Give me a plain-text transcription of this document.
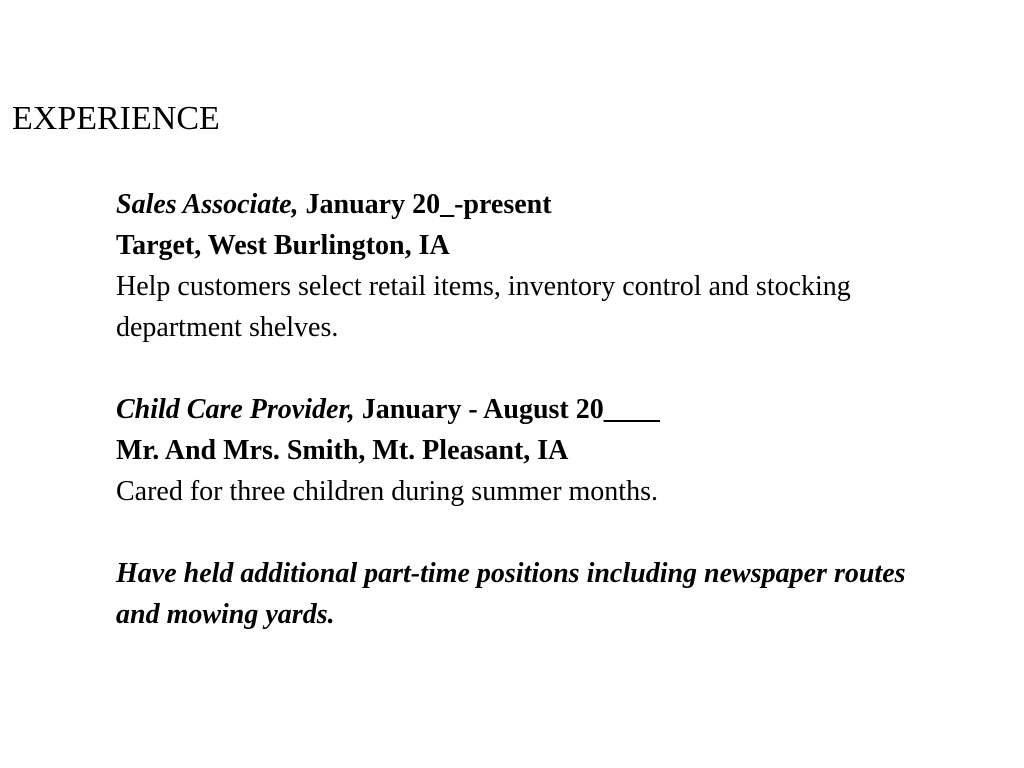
EXPERIENCE
Sales Associate, January 20_-present
Target, West Burlington, IA
Help customers select retail items, inventory control and stocking department shelves.
Child Care Provider, January - August 20____
Mr. And Mrs. Smith, Mt. Pleasant, IA
Cared for three children during summer months.
Have held additional part-time positions including newspaper routes and mowing yards.
